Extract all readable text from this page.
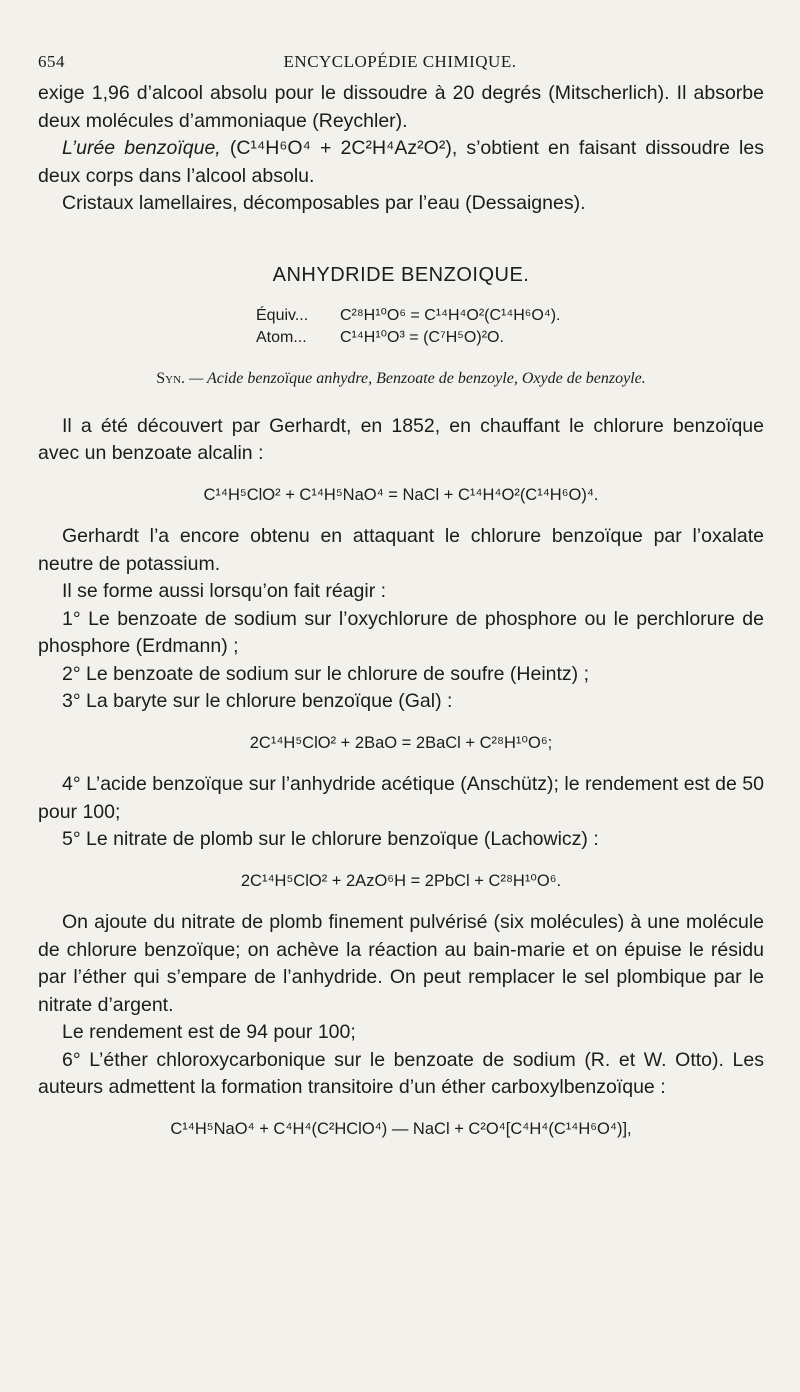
654	ENCYCLOPÉDIE CHIMIQUE.

exige 1,96 d’alcool absolu pour le dissoudre à 20 degrés (Mitscherlich). Il absorbe deux molécules d’ammoniaque (Reychler).

L’urée benzoïque, (C¹⁴H⁶O⁴ + 2C²H⁴Az²O²), s’obtient en faisant dissoudre les deux corps dans l’alcool absolu.

Cristaux lamellaires, décomposables par l’eau (Dessaignes).

ANHYDRIDE BENZOIQUE.
Équiv... C²⁸H¹⁰O⁶ = C¹⁴H⁴O²(C¹⁴H⁶O⁴).
Atom... C¹⁴H¹⁰O³ = (C⁷H⁵O)²O.
Syn. — Acide benzoïque anhydre, Benzoate de benzoyle, Oxyde de benzoyle.

Il a été découvert par Gerhardt, en 1852, en chauffant le chlorure benzoïque avec un benzoate alcalin :

C¹⁴H⁵ClO² + C¹⁴H⁵NaO⁴ = NaCl + C¹⁴H⁴O²(C¹⁴H⁶O)⁴.

Gerhardt l’a encore obtenu en attaquant le chlorure benzoïque par l’oxalate neutre de potassium.

Il se forme aussi lorsqu’on fait réagir :

1° Le benzoate de sodium sur l’oxychlorure de phosphore ou le perchlorure de phosphore (Erdmann) ;

2° Le benzoate de sodium sur le chlorure de soufre (Heintz) ;

3° La baryte sur le chlorure benzoïque (Gal) :

2C¹⁴H⁵ClO² + 2BaO = 2BaCl + C²⁸H¹⁰O⁶;

4° L’acide benzoïque sur l’anhydride acétique (Anschütz); le rendement est de 50 pour 100;

5° Le nitrate de plomb sur le chlorure benzoïque (Lachowicz) :

2C¹⁴H⁵ClO² + 2AzO⁶H = 2PbCl + C²⁸H¹⁰O⁶.

On ajoute du nitrate de plomb finement pulvérisé (six molécules) à une molécule de chlorure benzoïque; on achève la réaction au bain-marie et on épuise le résidu par l’éther qui s’empare de l’anhydride. On peut remplacer le sel plombique par le nitrate d’argent.

Le rendement est de 94 pour 100;

6° L’éther chloroxycarbonique sur le benzoate de sodium (R. et W. Otto). Les auteurs admettent la formation transitoire d’un éther carboxylbenzoïque :

C¹⁴H⁵NaO⁴ + C⁴H⁴(C²HClO⁴) — NaCl + C²O⁴[C⁴H⁴(C¹⁴H⁶O⁴)],
